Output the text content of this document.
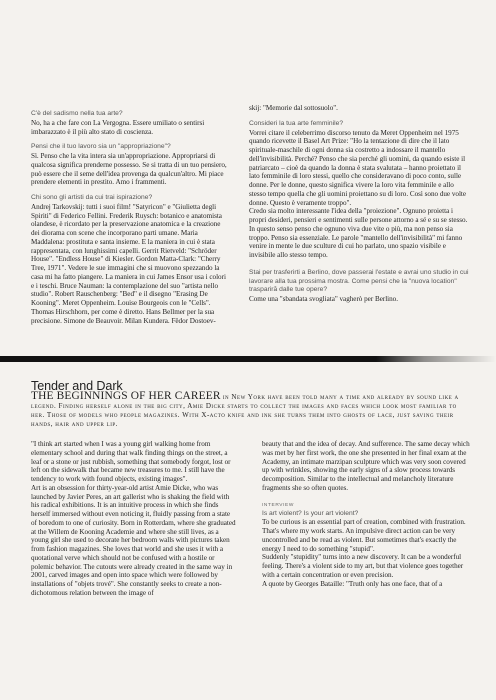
C'è del sadismo nella tua arte?

No, ha a che fare con La Vergogna. Essere umiliato o sentirsi imbarazzato è il più alto stato di coscienza.

Pensi che il tuo lavoro sia un "appropriazione"?

Sì. Penso che la vita intera sia un'appropriazione. Appropriarsi di qualcosa significa prenderne possesso. Se si tratta di un tuo pensiero, può essere che il seme dell'idea provenga da qualcun'altro. Mi piace prendere elementi in prestito. Amo i frammenti.

Chi sono gli artisti da cui trai ispirazione?

Andrej Tarkovskij: tutti i suoi film! "Satyricon" e "Giulietta degli Spiriti" di Federico Fellini. Frederik Ruysch: botanico e anatomista olandese, è ricordato per la preservazione anatomica e la creazione dei diorama con scene che incorporano parti umane. Maria Maddalena: prostituta e santa insieme. E la maniera in cui è stata rappresentata, con lunghissimi capelli. Gerrit Rietveld: "Schröder House". "Endless House" di Kiesler. Gordon Matta-Clark: "Cherry Tree, 1971". Vedere le sue immagini che si muovono spezzando la casa mi ha fatto piangere. La maniera in cui James Ensor usa i colori e i teschi. Bruce Nauman: la contemplazione del suo "artista nello studio". Robert Rauschenberg: "Bed" e il disegno "Erasing De Kooning". Meret Oppenheim. Louise Bourgeois con le "Cells". Thomas Hirschhorn, per come è diretto. Hans Bellmer per la sua precisione. Simone de Beauvoir. Milan Kundera. Fëdor Dostoev-

skij: "Memorie dal sottosuolo".

Consideri la tua arte femminile?

Vorrei citare il celeberrimo discorso tenuto da Meret Oppenheim nel 1975 quando ricevette il Basel Art Prize: "Ho la tentazione di dire che il lato spirituale-maschile di ogni donna sia costretto a indossare il mantello dell'invisibilità. Perché? Penso che sia perché gli uomini, da quando esiste il patriarcato – cioè da quando la donna è stata svalutata – hanno proiettato il lato femminile di loro stessi, quello che consideravano di poco conto, sulle donne. Per le donne, questo significa vivere la loro vita femminile e allo stesso tempo quella che gli uomini proiettano su di loro. Così sono due volte donne. Questo è veramente troppo".

Credo sia molto interessante l'idea della "proiezione". Ognuno proietta i propri desideri, pensieri e sentimenti sulle persone attorno a sé e su se stesso. In questo senso penso che ognuno viva due vite o più, ma non penso sia troppo. Penso sia essenziale. Le parole "mantello dell'invisibilità" mi fanno venire in mente le due sculture di cui ho parlato, uno spazio visibile e invisibile allo stesso tempo.

Stai per trasferirti a Berlino, dove passerai l'estate e avrai uno studio in cui lavorare alla tua prossima mostra. Come pensi che la "nuova location" traspariră dalle tue opere?

Come una "sbandata svogliata" vagherò per Berlino.

Tender and Dark
THE BEGINNINGS OF HER CAREER in New York have been told many a time and already by sound like a legend. Finding herself alone in the big city, Amie Dicke starts to collect the images and faces which look most familiar to her. Those of models who people magazines. With X-acto knife and ink she turns them into ghosts of lace, just saving their hands, hair and upper lip.

"I think art started when I was a young girl walking home from elementary school and during that walk finding things on the street, a leaf or a stone or just rubbish, something that somebody forgot, lost or left on the sidewalk that became new treasures to me. I still have the tendency to work with found objects, existing images".

Art is an obsession for thirty-year-old artist Amie Dicke, who was launched by Javier Peres, an art gallerist who is shaking the field with his radical exhibitions. It is an intuitive process in which she finds herself immersed without even noticing it, fluidly passing from a state of boredom to one of curiosity. Born in Rotterdam, where she graduated at the Willem de Kooning Academie and where she still lives, as a young girl she used to decorate her bedroom walls with pictures taken from fashion magazines. She loves that world and she uses it with a quotational verve which should not be confused with a hostile or polemic behavior. The cutouts were already created in the same way in 2001, carved images and open into space which were followed by installations of "objets trové". She constantly seeks to create a non-dichotomous relation between the image of

beauty that and the idea of decay. And sufference. The same decay which was met by her first work, the one she presented in her final exam at the Academy, an intimate marzipan sculpture which was very soon covered up with wrinkles, showing the early signs of a slow process towards decomposition. Similar to the intellectual and melancholy literature fragments she so often quotes.

INTERVIEW

Is art violent? Is your art violent?

To be curious is an essential part of creation, combined with frustration. That's where my work starts. An impulsive direct action can be very uncontrolled and be read as violent. But sometimes that's exactly the energy I need to do something "stupid".

Suddenly "stupidity" turns into a new discovery. It can be a wonderful feeling. There's a violent side to my art, but that violence goes together with a certain concentration or even precision.

A quote by Georges Bataille: "Truth only has one face, that of a
